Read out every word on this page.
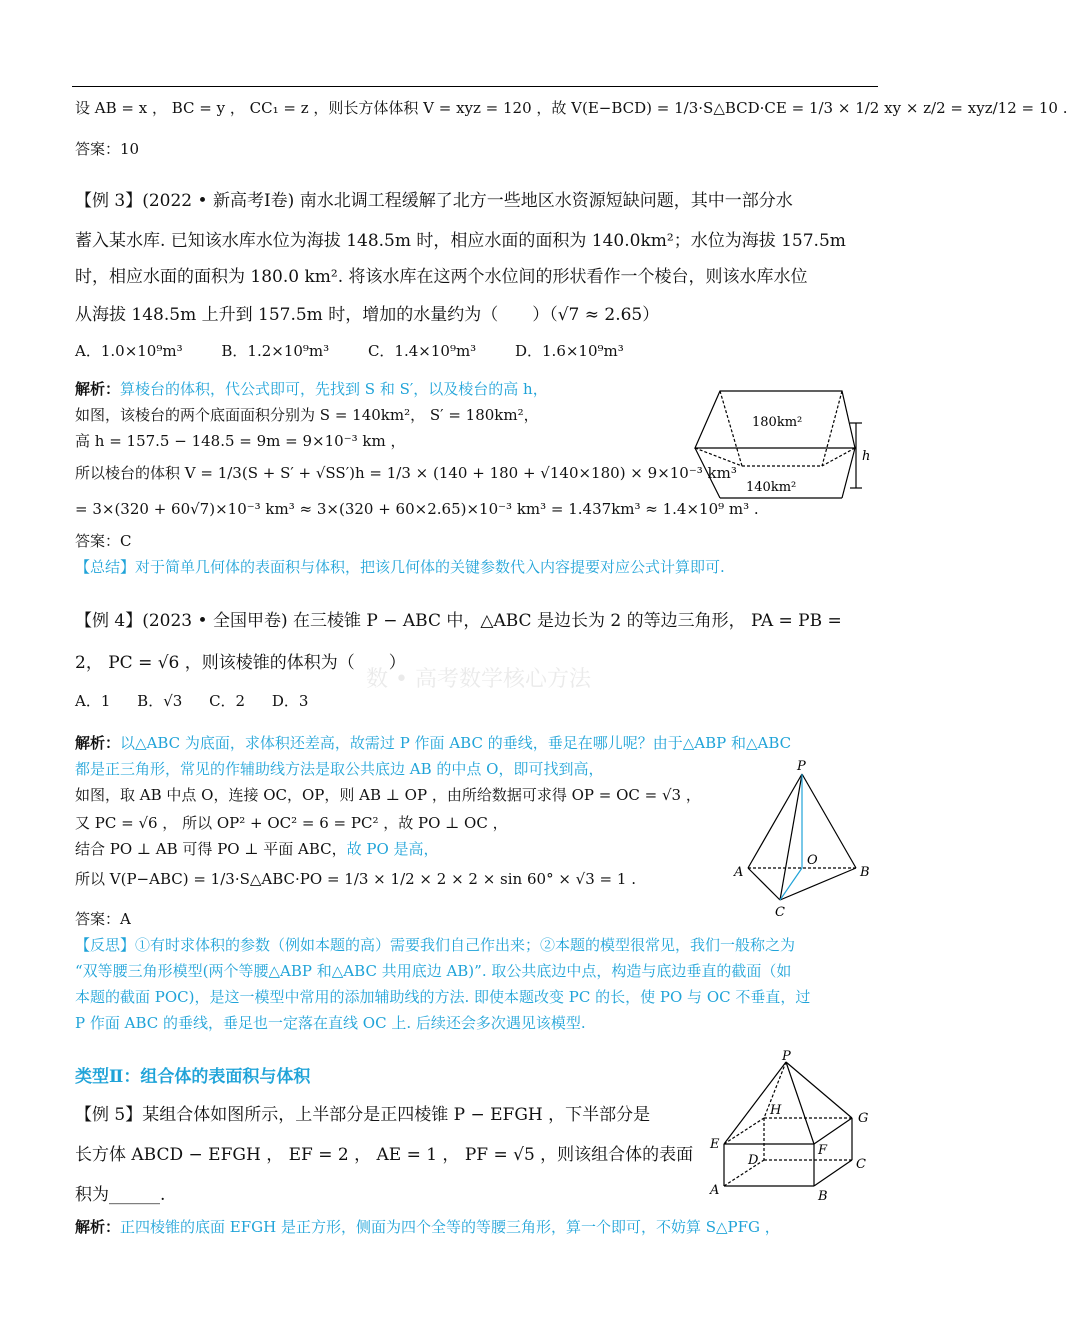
设 AB = x ， BC = y ， CC₁ = z ，则长方体体积 V = xyz = 120 ，故 V(E−BCD) = 1/3·S△BCD·CE = 1/3 × 1/2 xy × z/2 = xyz/12 = 10 .
答案：10
【例 3】(2022 • 新高考Ⅰ卷) 南水北调工程缓解了北方一些地区水资源短缺问题，其中一部分水
蓄入某水库. 已知该水库水位为海拔 148.5m 时，相应水面的面积为 140.0km²；水位为海拔 157.5m
时，相应水面的面积为 180.0 km². 将该水库在这两个水位间的形状看作一个棱台，则该水库水位
从海拔 148.5m 上升到 157.5m 时，增加的水量约为（　　）（√7 ≈ 2.65）
A．1.0×10⁹m³	B．1.2×10⁹m³	C．1.4×10⁹m³	D．1.6×10⁹m³
解析：算棱台的体积，代公式即可，先找到 S 和 S′，以及棱台的高 h，
如图，该棱台的两个底面面积分别为 S = 140km²， S′ = 180km²，
高 h = 157.5 − 148.5 = 9m = 9×10⁻³ km ，
所以棱台的体积 V = 1/3(S + S′ + √SS′)h = 1/3 × (140 + 180 + √140×180) × 9×10⁻³ km³
= 3×(320 + 60√7)×10⁻³ km³ ≈ 3×(320 + 60×2.65)×10⁻³ km³ = 1.437km³ ≈ 1.4×10⁹ m³ .
答案：C
【总结】对于简单几何体的表面积与体积，把该几何体的关键参数代入内容提要对应公式计算即可.
180km²
140km²
h
【例 4】(2023 • 全国甲卷) 在三棱锥 P − ABC 中，△ABC 是边长为 2 的等边三角形， PA = PB =
2， PC = √6 ，则该棱锥的体积为（　　）
数 • 高考数学核心方法
A．1 B．√3 C．2 D．3
解析：以△ABC 为底面，求体积还差高，故需过 P 作面 ABC 的垂线，垂足在哪儿呢？由于△ABP 和△ABC
都是正三角形，常见的作辅助线方法是取公共底边 AB 的中点 O，即可找到高，
如图，取 AB 中点 O，连接 OC，OP，则 AB ⊥ OP ，由所给数据可求得 OP = OC = √3 ，
又 PC = √6 ， 所以 OP² + OC² = 6 = PC² ，故 PO ⊥ OC ，
结合 PO ⊥ AB 可得 PO ⊥ 平面 ABC，故 PO 是高，
所以 V(P−ABC) = 1/3·S△ABC·PO = 1/3 × 1/2 × 2 × 2 × sin 60° × √3 = 1 .
答案：A
【反思】①有时求体积的参数（例如本题的高）需要我们自己作出来；②本题的模型很常见，我们一般称之为
“双等腰三角形模型(两个等腰△ABP 和△ABC 共用底边 AB)”. 取公共底边中点，构造与底边垂直的截面（如
本题的截面 POC)，是这一模型中常用的添加辅助线的方法. 即使本题改变 PC 的长，使 PO 与 OC 不垂直，过
P 作面 ABC 的垂线，垂足也一定落在直线 OC 上. 后续还会多次遇见该模型.
P
A	B
C
O
类型Ⅱ：组合体的表面积与体积
【例 5】某组合体如图所示，上半部分是正四棱锥 P − EFGH ，下半部分是
长方体 ABCD − EFGH ， EF = 2 ， AE = 1 ， PF = √5 ，则该组合体的表面
积为______.
解析：正四棱锥的底面 EFGH 是正方形，侧面为四个全等的等腰三角形，算一个即可，不妨算 S△PFG ，
P
H
G
E	F
D	C
A	B
